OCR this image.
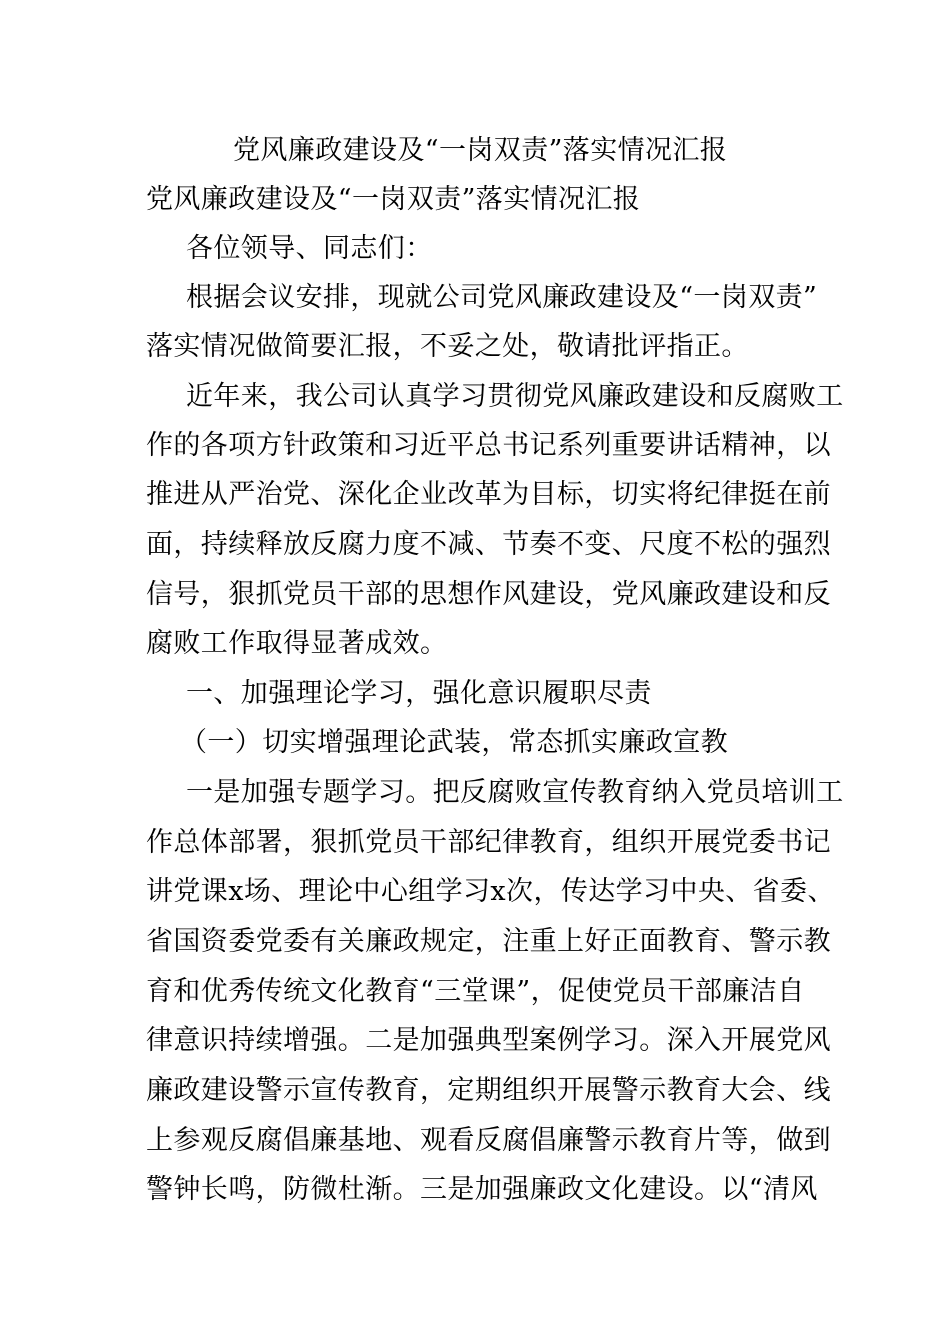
党风廉政建设及“一岗双责”落实情况汇报
党风廉政建设及“一岗双责”落实情况汇报
各位领导、同志们：
根据会议安排，现就公司党风廉政建设及“一岗双责”
落实情况做简要汇报，不妥之处，敬请批评指正。
近年来，我公司认真学习贯彻党风廉政建设和反腐败工
作的各项方针政策和习近平总书记系列重要讲话精神，以
推进从严治党、深化企业改革为目标，切实将纪律挺在前
面，持续释放反腐力度不减、节奏不变、尺度不松的强烈
信号，狠抓党员干部的思想作风建设，党风廉政建设和反
腐败工作取得显著成效。
一、加强理论学习，强化意识履职尽责
（一）切实增强理论武装，常态抓实廉政宣教
一是加强专题学习。把反腐败宣传教育纳入党员培训工
作总体部署，狠抓党员干部纪律教育，组织开展党委书记
讲党课x场、理论中心组学习x次，传达学习中央、省委、
省国资委党委有关廉政规定，注重上好正面教育、警示教
育和优秀传统文化教育“三堂课”，促使党员干部廉洁自
律意识持续增强。二是加强典型案例学习。深入开展党风
廉政建设警示宣传教育，定期组织开展警示教育大会、线
上参观反腐倡廉基地、观看反腐倡廉警示教育片等，做到
警钟长鸣，防微杜渐。三是加强廉政文化建设。以“清风
